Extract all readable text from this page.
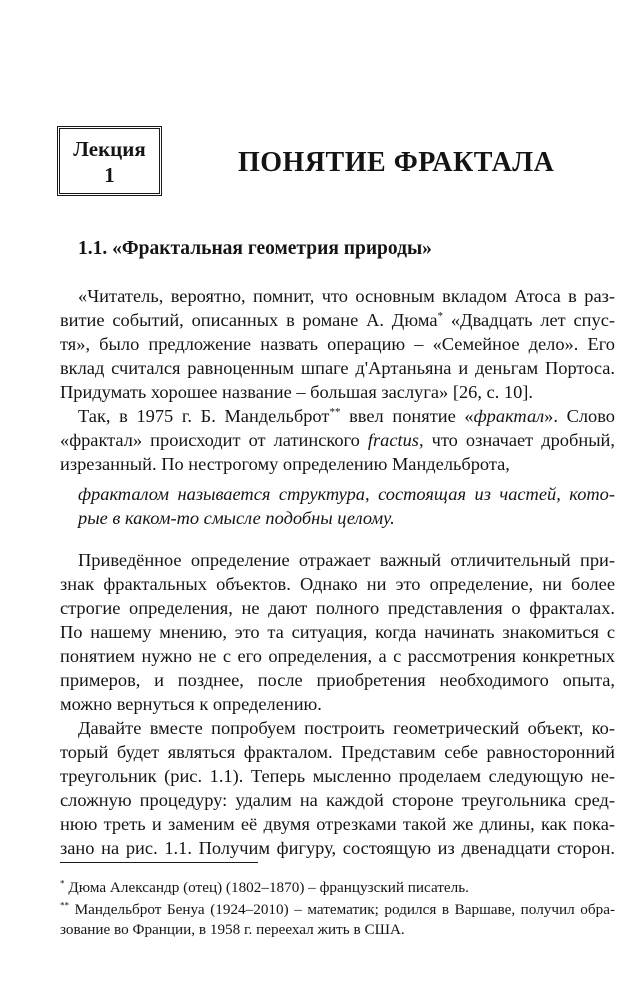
Лекция
1	ПОНЯТИЕ ФРАКТАЛА
1.1. «Фрактальная геометрия природы»
«Читатель, вероятно, помнит, что основным вкладом Атоса в раз-
витие событий, описанных в романе А. Дюма* «Двадцать лет спус-
тя», было предложение назвать операцию – «Семейное дело». Его
вклад считался равноценным шпаге д'Артаньяна и деньгам Портоса.
Придумать хорошее название – большая заслуга» [26, с. 10].
Так, в 1975 г. Б. Мандельброт** ввел понятие «фрактал». Слово
«фрактал» происходит от латинского fractus, что означает дробный,
изрезанный. По нестрогому определению Мандельброта,
фракталом называется структура, состоящая из частей, кото-
рые в каком-то смысле подобны целому.
Приведённое определение отражает важный отличительный при-
знак фрактальных объектов. Однако ни это определение, ни более
строгие определения, не дают полного представления о фракталах.
По нашему мнению, это та ситуация, когда начинать знакомиться с
понятием нужно не с его определения, а с рассмотрения конкретных
примеров, и позднее, после приобретения необходимого опыта,
можно вернуться к определению.
Давайте вместе попробуем построить геометрический объект, ко-
торый будет являться фракталом. Представим себе равносторонний
треугольник (рис. 1.1). Теперь мысленно проделаем следующую не-
сложную процедуру: удалим на каждой стороне треугольника сред-
нюю треть и заменим её двумя отрезками такой же длины, как пока-
зано на рис. 1.1. Получим фигуру, состоящую из двенадцати сторон.
* Дюма Александр (отец) (1802–1870) – французский писатель.
** Мандельброт Бенуа (1924–2010) – математик; родился в Варшаве, получил обра-
зование во Франции, в 1958 г. переехал жить в США.
